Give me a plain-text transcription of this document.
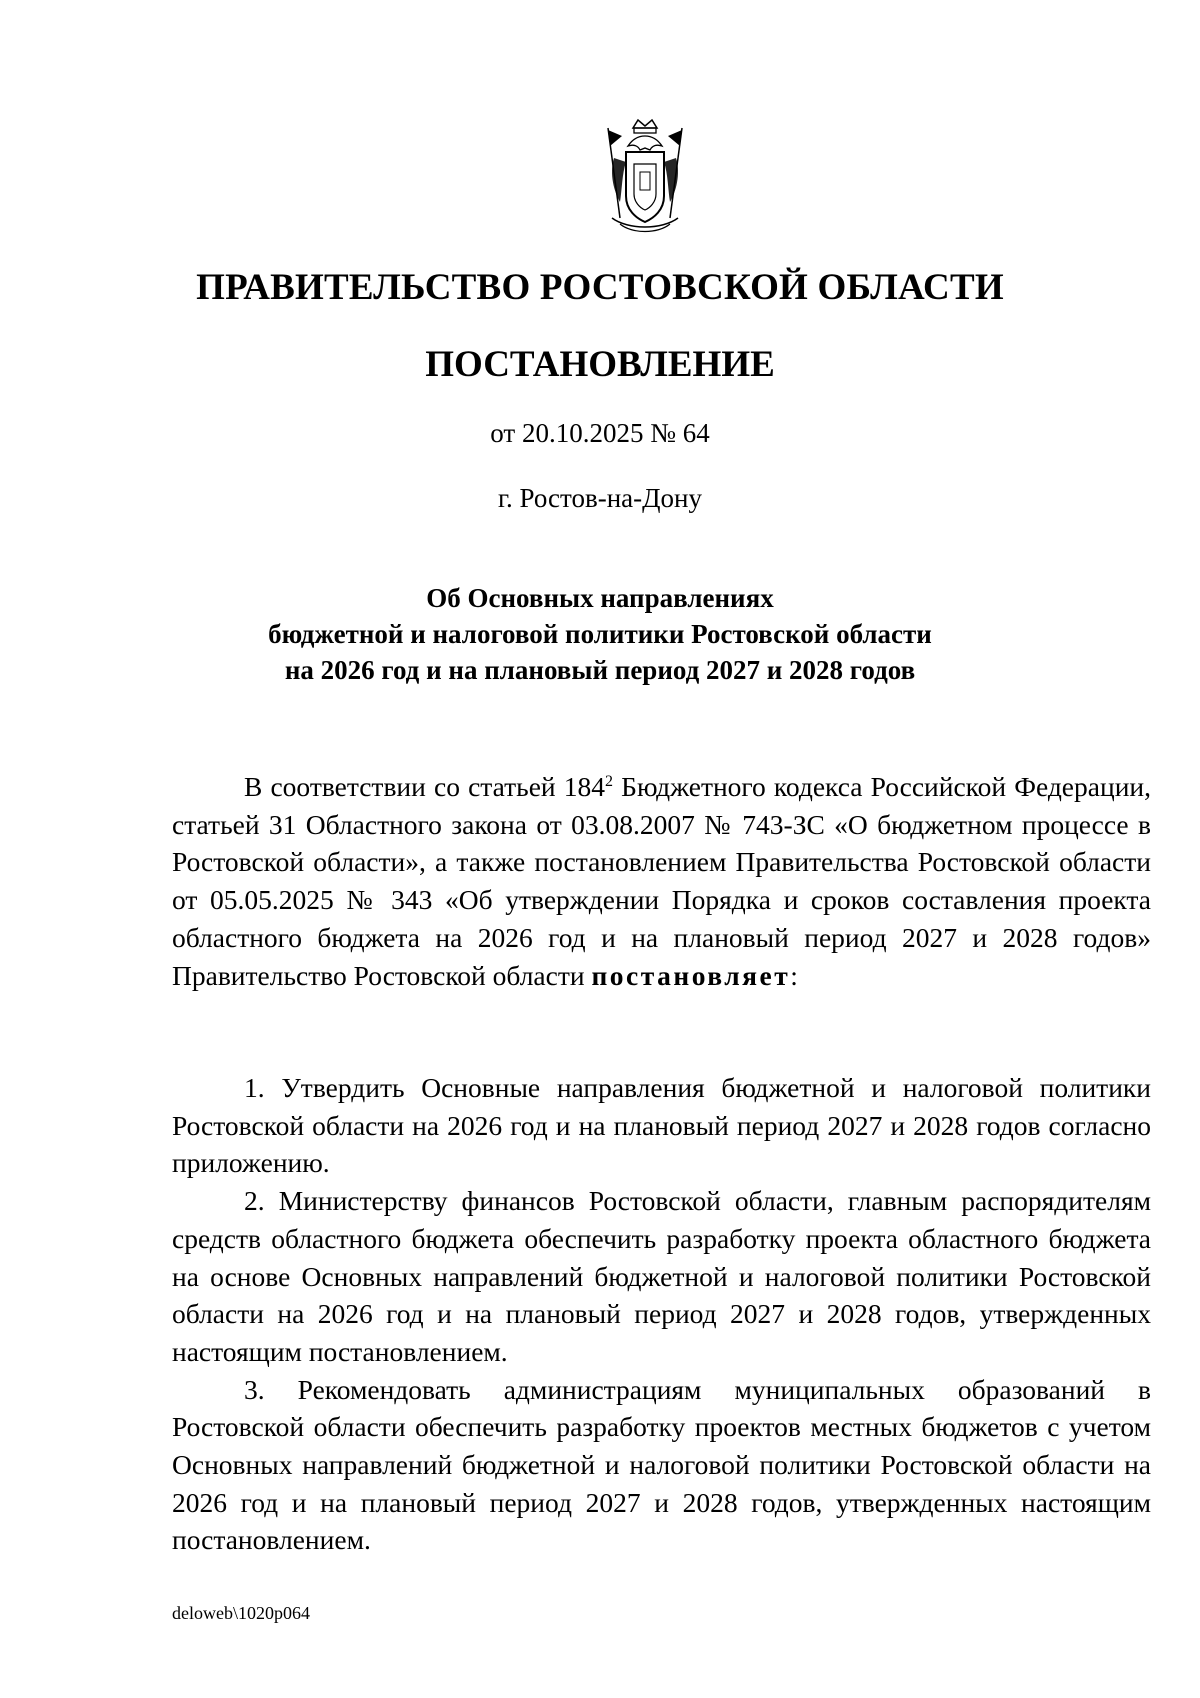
ПРАВИТЕЛЬСТВО РОСТОВСКОЙ ОБЛАСТИ
ПОСТАНОВЛЕНИЕ
от 20.10.2025 № 64
г. Ростов-на-Дону
Об Основных направлениях
бюджетной и налоговой политики Ростовской области
на 2026 год и на плановый период 2027 и 2028 годов

В соответствии со статьей $184^2$ Бюджетного кодекса Российской Федерации, статьей 31 Областного закона от 03.08.2007 № 743-ЗС «О бюджетном процессе в Ростовской области», а также постановлением Правительства Ростовской области от 05.05.2025 № 343 «Об утверждении Порядка и сроков составления проекта областного бюджета на 2026 год и на плановый период 2027 и 2028 годов» Правительство Ростовской области постановляет:

1. Утвердить Основные направления бюджетной и налоговой политики Ростовской области на 2026 год и на плановый период 2027 и 2028 годов согласно приложению.

2. Министерству финансов Ростовской области, главным распорядителям средств областного бюджета обеспечить разработку проекта областного бюджета на основе Основных направлений бюджетной и налоговой политики Ростовской области на 2026 год и на плановый период 2027 и 2028 годов, утвержденных настоящим постановлением.

3. Рекомендовать администрациям муниципальных образований в Ростовской области обеспечить разработку проектов местных бюджетов с учетом Основных направлений бюджетной и налоговой политики Ростовской области на 2026 год и на плановый период 2027 и 2028 годов, утвержденных настоящим постановлением.

deloweb\1020p064
